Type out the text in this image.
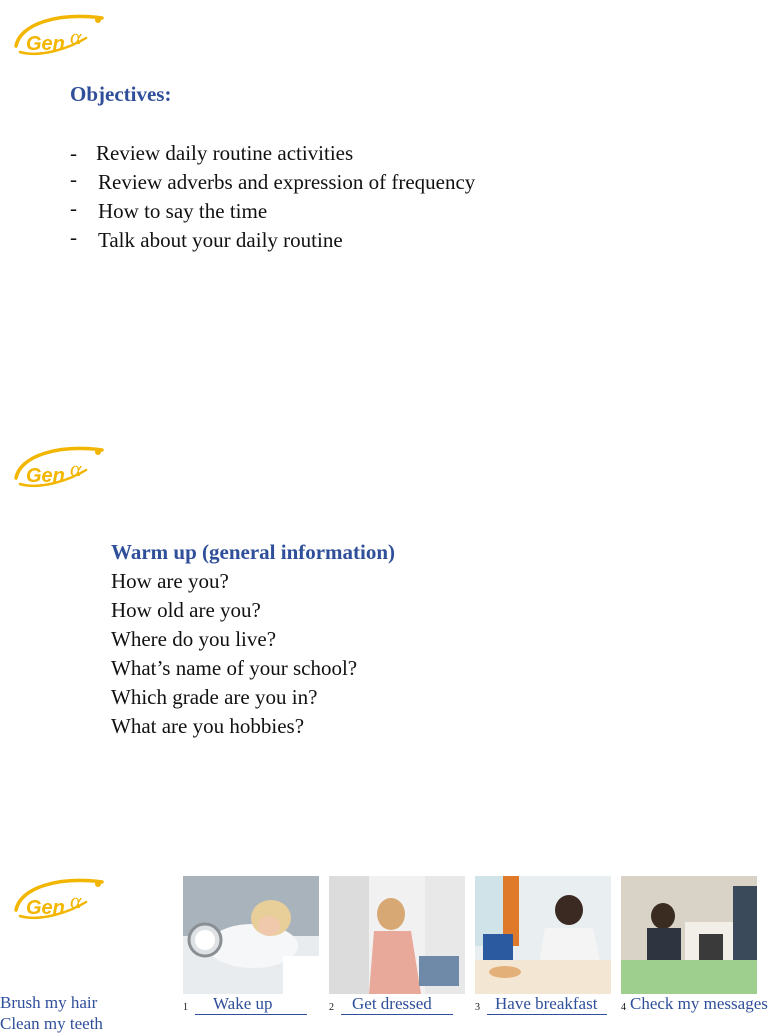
Gen α
Objectives:
- Review daily routine activities
- Review adverbs and expression of frequency
- How to say the time
- Talk about your daily routine
Gen α
Warm up (general information)
How are you?
How old are you?
Where do you live?
What’s name of your school?
Which grade are you in?
What are you hobbies?
Gen α
1 Wake up	2 Get dressed	3 Have breakfast 4 Check my messages
Brush my hair
Clean my teeth
